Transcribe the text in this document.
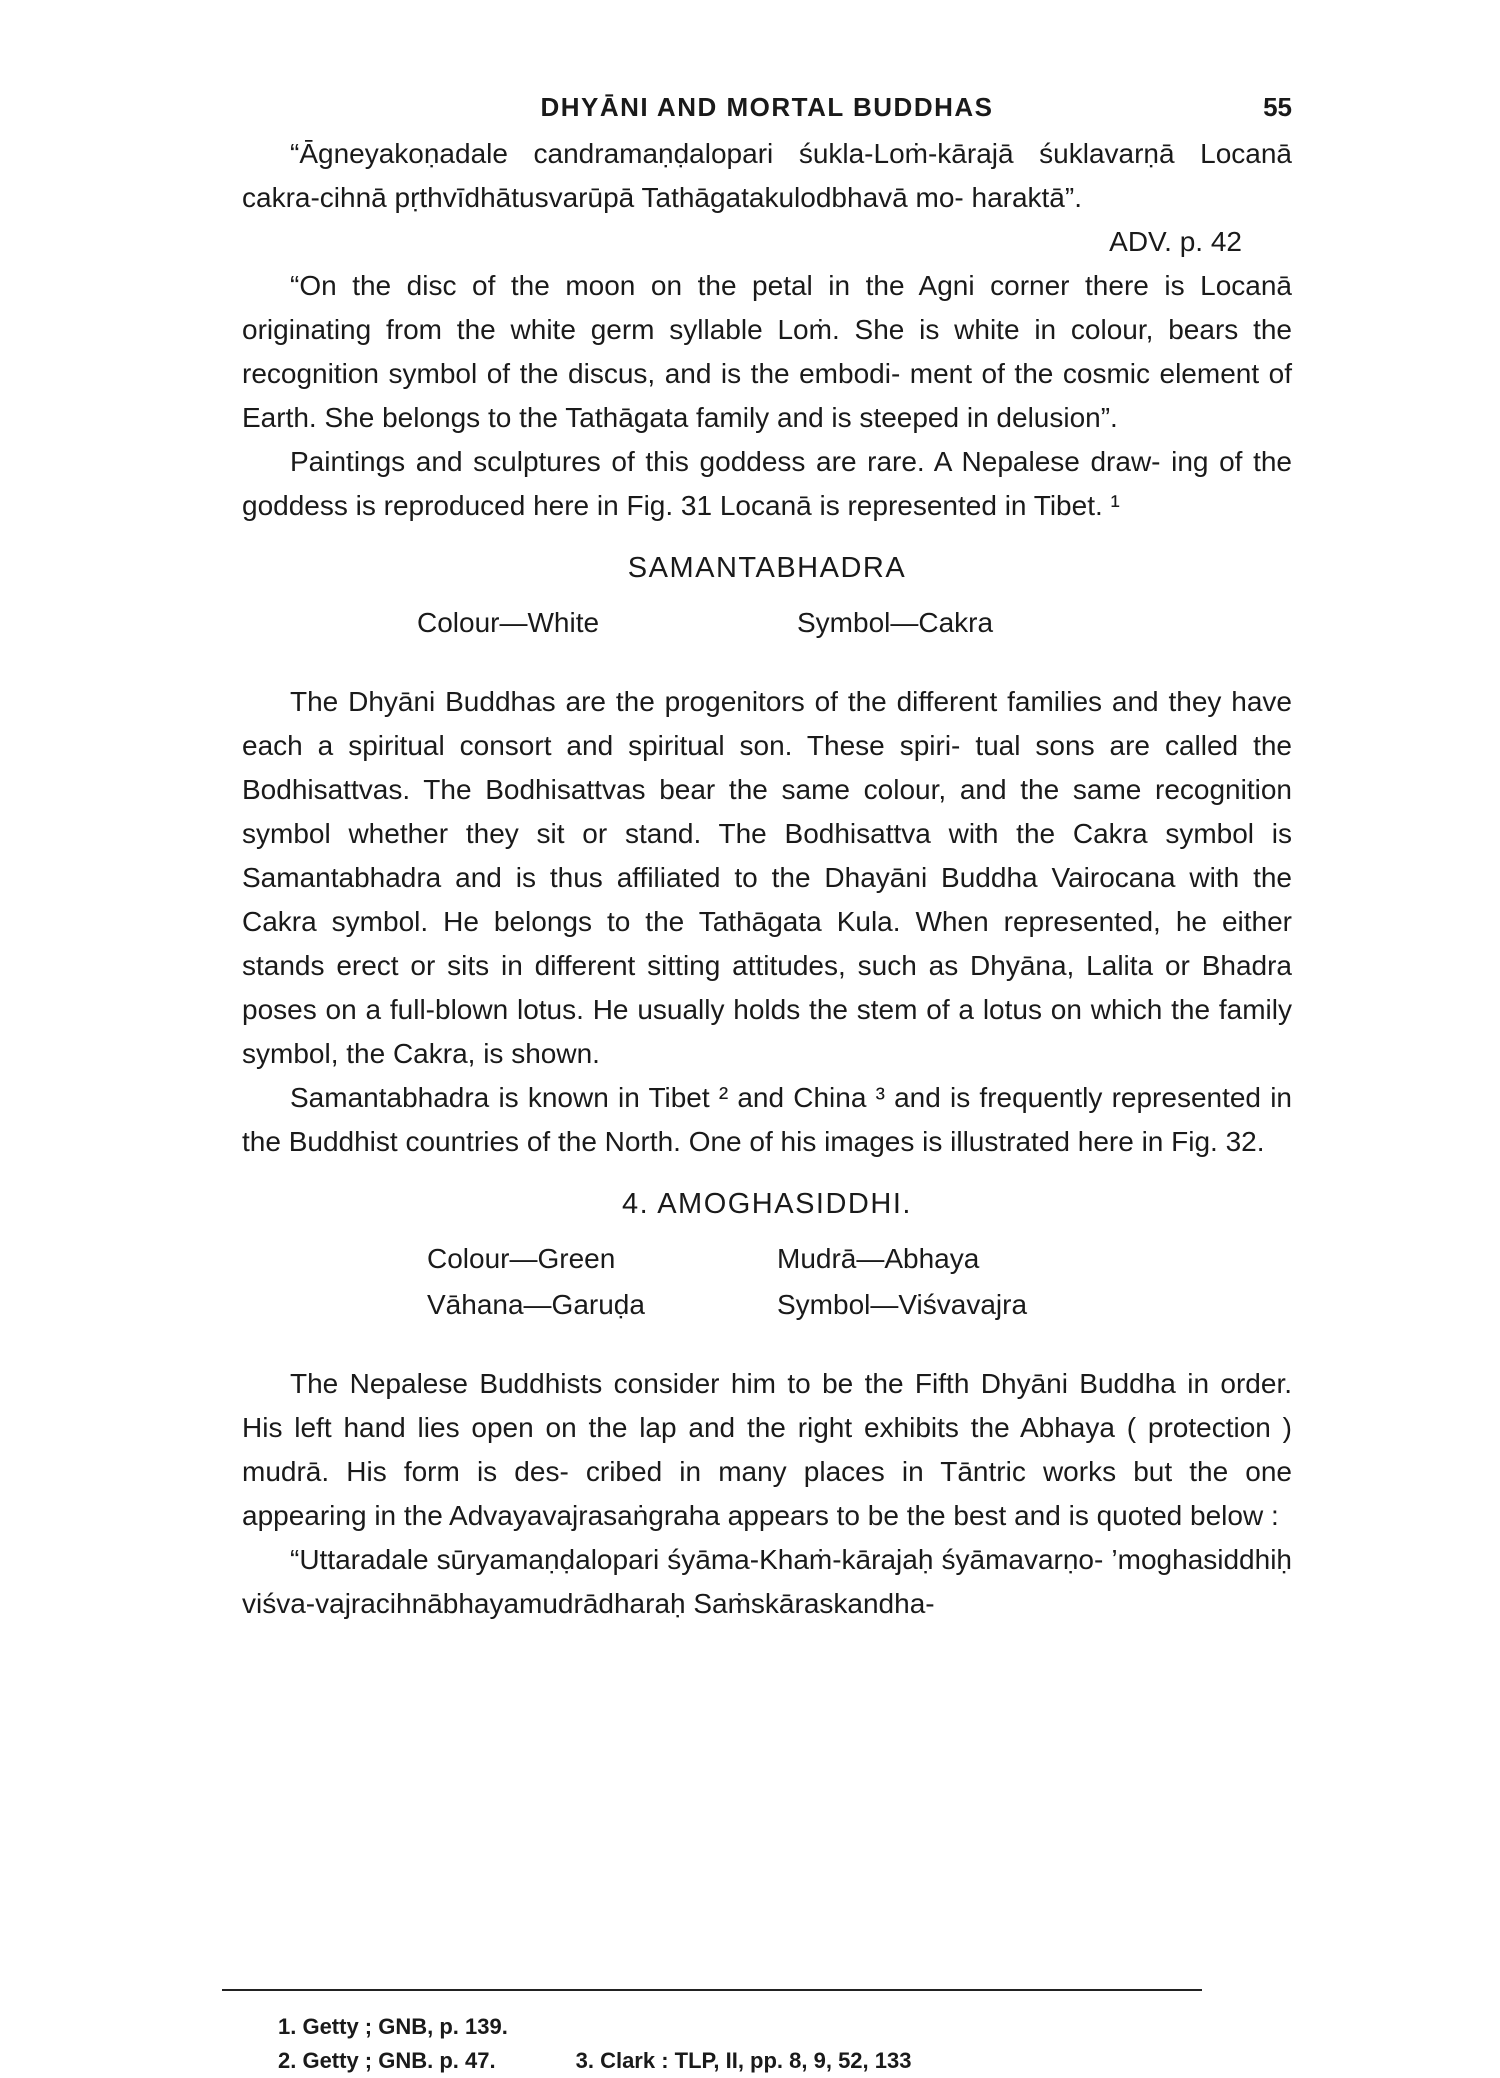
DHYĀNI AND MORTAL BUDDHAS	55

“Āgneyakoṇadale candramaṇḍalopari śukla-Loṁ-kārajā śuklavarṇā Locanā cakra-cihnā pṛthvīdhātusvarūpā Tathāgatakulodbhavā mo- haraktā”.

ADV. p. 42

“On the disc of the moon on the petal in the Agni corner there is Locanā originating from the white germ syllable Loṁ. She is white in colour, bears the recognition symbol of the discus, and is the embodi- ment of the cosmic element of Earth. She belongs to the Tathāgata family and is steeped in delusion”.

Paintings and sculptures of this goddess are rare. A Nepalese draw- ing of the goddess is reproduced here in Fig. 31 Locanā is represented in Tibet. ¹

SAMANTABHADRA
Colour—White	Symbol—Cakra

The Dhyāni Buddhas are the progenitors of the different families and they have each a spiritual consort and spiritual son. These spiri- tual sons are called the Bodhisattvas. The Bodhisattvas bear the same colour, and the same recognition symbol whether they sit or stand. The Bodhisattva with the Cakra symbol is Samantabhadra and is thus affiliated to the Dhayāni Buddha Vairocana with the Cakra symbol. He belongs to the Tathāgata Kula. When represented, he either stands erect or sits in different sitting attitudes, such as Dhyāna, Lalita or Bhadra poses on a full-blown lotus. He usually holds the stem of a lotus on which the family symbol, the Cakra, is shown.

Samantabhadra is known in Tibet ² and China ³ and is frequently represented in the Buddhist countries of the North. One of his images is illustrated here in Fig. 32.

4. AMOGHASIDDHI.
Colour—Green	Mudrā—Abhaya
Vāhana—Garuḍa	Symbol—Viśvavajra

The Nepalese Buddhists consider him to be the Fifth Dhyāni Buddha in order. His left hand lies open on the lap and the right exhibits the Abhaya ( protection ) mudrā. His form is des- cribed in many places in Tāntric works but the one appearing in the Advayavajrasaṅgraha appears to be the best and is quoted below :

“Uttaradale sūryamaṇḍalopari śyāma-Khaṁ-kārajaḥ śyāmavarṇo- ’moghasiddhiḥ viśva-vajracihnābhayamudrādharaḥ Saṁskāraskandha-

1. Getty ; GNB, p. 139.
2. Getty ; GNB. p. 47.	3. Clark : TLP, II, pp. 8, 9, 52, 133
